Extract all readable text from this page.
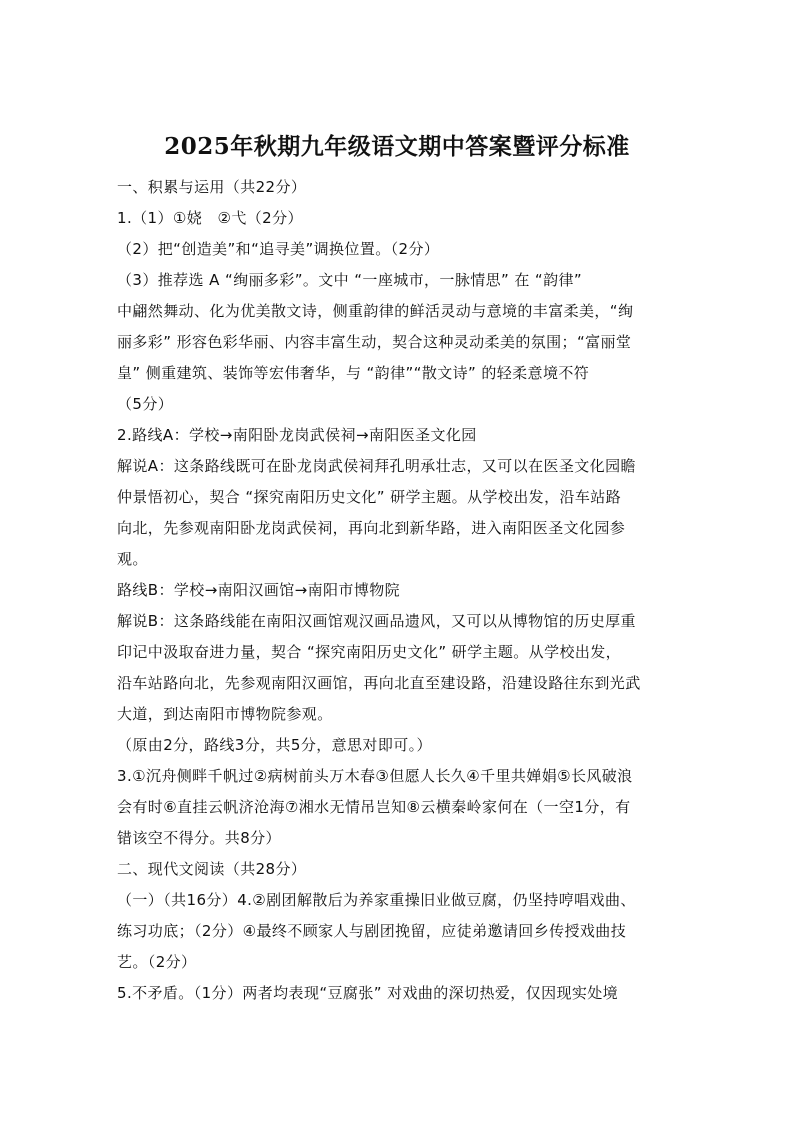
2025年秋期九年级语文期中答案暨评分标准
一、积累与运用（共22分）
1.（1）①娆　②弋（2分）
（2）把“创造美”和“追寻美”调换位置。（2分）
（3）推荐选 A “绚丽多彩”。文中 “一座城市，一脉情思” 在 “韵律”
中翩然舞动、化为优美散文诗，侧重韵律的鲜活灵动与意境的丰富柔美，“绚
丽多彩” 形容色彩华丽、内容丰富生动，契合这种灵动柔美的氛围；“富丽堂
皇” 侧重建筑、装饰等宏伟奢华，与 “韵律”“散文诗” 的轻柔意境不符
（5分）
2.路线A：学校→南阳卧龙岗武侯祠→南阳医圣文化园
解说A：这条路线既可在卧龙岗武侯祠拜孔明承壮志，又可以在医圣文化园瞻
仲景悟初心，契合 “探究南阳历史文化” 研学主题。从学校出发，沿车站路
向北，先参观南阳卧龙岗武侯祠，再向北到新华路，进入南阳医圣文化园参
观。
路线B：学校→南阳汉画馆→南阳市博物院
解说B：这条路线能在南阳汉画馆观汉画品遗风，又可以从博物馆的历史厚重
印记中汲取奋进力量，契合 “探究南阳历史文化” 研学主题。从学校出发，
沿车站路向北，先参观南阳汉画馆，再向北直至建设路，沿建设路往东到光武
大道，到达南阳市博物院参观。
（原由2分，路线3分，共5分，意思对即可。）
3.①沉舟侧畔千帆过②病树前头万木春③但愿人长久④千里共婵娟⑤长风破浪
会有时⑥直挂云帆济沧海⑦湘水无情吊岂知⑧云横秦岭家何在（一空1分，有
错该空不得分。共8分）
二、现代文阅读（共28分）
（一）（共16分）4.②剧团解散后为养家重操旧业做豆腐，仍坚持哼唱戏曲、
练习功底；（2分）④最终不顾家人与剧团挽留，应徒弟邀请回乡传授戏曲技
艺。（2分）
5.不矛盾。（1分）两者均表现“豆腐张” 对戏曲的深切热爱，仅因现实处境
